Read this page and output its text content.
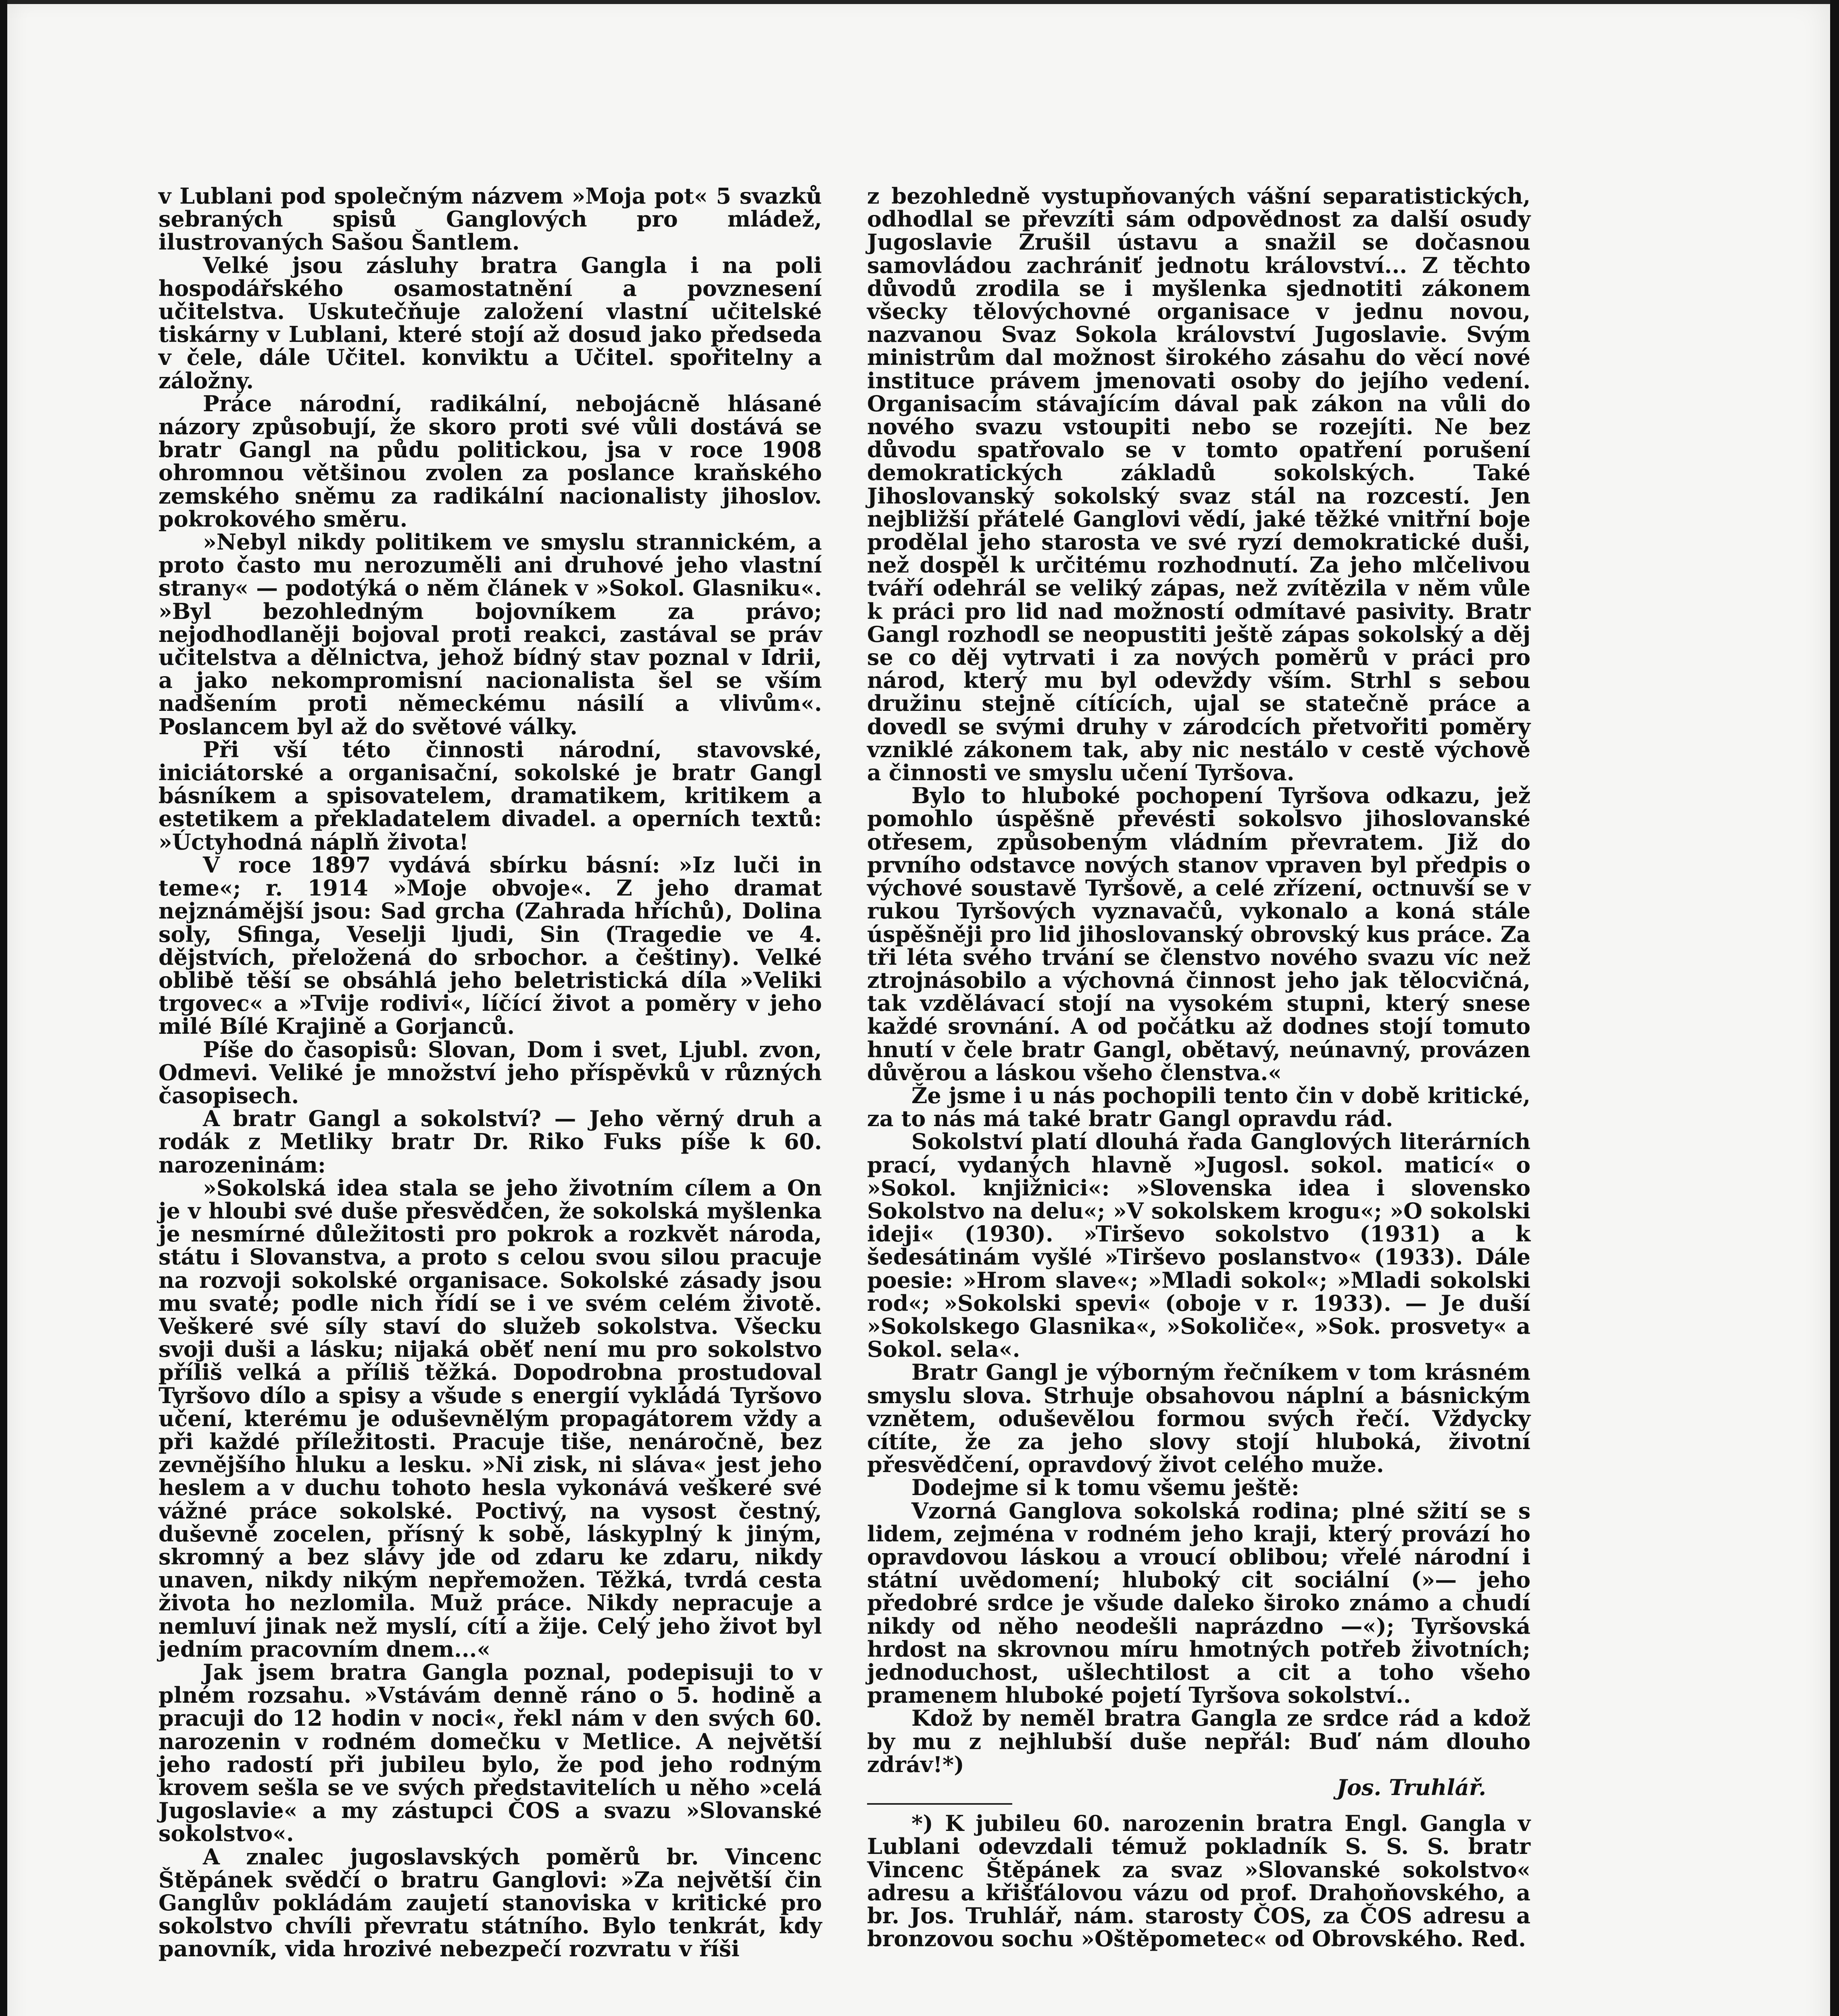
v Lublani pod společným názvem »Moja pot« 5 svazků sebraných spisů Ganglových pro mládež, ilustrovaných Sašou Šantlem.

Velké jsou zásluhy bratra Gangla i na poli hospodářského osamostatnění a povznesení učitelstva. Uskutečňuje založení vlastní učitelské tiskárny v Lublani, které stojí až dosud jako předseda v čele, dále Učitel. konviktu a Učitel. spořitelny a záložny.

Práce národní, radikální, nebojácně hlásané názory způsobují, že skoro proti své vůli dostává se bratr Gangl na půdu politickou, jsa v roce 1908 ohromnou většinou zvolen za poslance kraňského zemského sněmu za radikální nacionalisty jihoslov. pokrokového směru.

»Nebyl nikdy politikem ve smyslu strannickém, a proto často mu nerozuměli ani druhové jeho vlastní strany« — podotýká o něm článek v »Sokol. Glasniku«. »Byl bezohledným bojovníkem za právo; nejodhodlaněji bojoval proti reakci, zastával se práv učitelstva a dělnictva, jehož bídný stav poznal v Idrii, a jako nekompromisní nacionalista šel se vším nadšením proti německému násilí a vlivům«. Poslancem byl až do světové války.

Při vší této činnosti národní, stavovské, iniciátorské a organisační, sokolské je bratr Gangl básníkem a spisovatelem, dramatikem, kritikem a estetikem a překladatelem divadel. a operních textů: »Úctyhodná náplň života!

V roce 1897 vydává sbírku básní: »Iz luči in teme«; r. 1914 »Moje obvoje«. Z jeho dramat nejznámější jsou: Sad grcha (Zahrada hříchů), Dolina soly, Sfinga, Veselji ljudi, Sin (Tragedie ve 4. dějstvích, přeložená do srbochor. a češtiny). Velké oblibě těší se obsáhlá jeho beletristická díla »Veliki trgovec« a »Tvije rodivi«, líčící život a poměry v jeho milé Bílé Krajině a Gorjanců.

Píše do časopisů: Slovan, Dom i svet, Ljubl. zvon, Odmevi. Veliké je množství jeho příspěvků v různých časopisech.

A bratr Gangl a sokolství? — Jeho věrný druh a rodák z Metliky bratr Dr. Riko Fuks píše k 60. narozeninám:

»Sokolská idea stala se jeho životním cílem a On je v hloubi své duše přesvědčen, že sokolská myšlenka je nesmírné důležitosti pro pokrok a rozkvět národa, státu i Slovanstva, a proto s celou svou silou pracuje na rozvoji sokolské organisace. Sokolské zásady jsou mu svaté; podle nich řídí se i ve svém celém životě. Veškeré své síly staví do služeb sokolstva. Všecku svoji duši a lásku; nijaká oběť není mu pro sokolstvo příliš velká a příliš těžká. Dopodrobna prostudoval Tyršovo dílo a spisy a všude s energií vykládá Tyršovo učení, kterému je oduševnělým propagátorem vždy a při každé příležitosti. Pracuje tiše, nenáročně, bez zevnějšího hluku a lesku. »Ni zisk, ni sláva« jest jeho heslem a v duchu tohoto hesla vykonává veškeré své vážné práce sokolské. Poctivý, na vysost čestný, duševně zocelen, přísný k sobě, láskyplný k jiným, skromný a bez slávy jde od zdaru ke zdaru, nikdy unaven, nikdy nikým nepřemožen. Těžká, tvrdá cesta života ho nezlomila. Muž práce. Nikdy nepracuje a nemluví jinak než myslí, cítí a žije. Celý jeho život byl jedním pracovním dnem...«

Jak jsem bratra Gangla poznal, podepisuji to v plném rozsahu. »Vstávám denně ráno o 5. hodině a pracuji do 12 hodin v noci«, řekl nám v den svých 60. narozenin v rodném domečku v Metlice. A největší jeho radostí při jubileu bylo, že pod jeho rodným krovem sešla se ve svých představitelích u něho »celá Jugoslavie« a my zástupci ČOS a svazu »Slovanské sokolstvo«.

A znalec jugoslavských poměrů br. Vincenc Štěpánek svědčí o bratru Ganglovi: »Za největší čin Ganglův pokládám zaujetí stanoviska v kritické pro sokolstvo chvíli převratu státního. Bylo tenkrát, kdy panovník, vida hrozivé nebezpečí rozvratu v říši

z bezohledně vystupňovaných vášní separatistických, odhodlal se převzíti sám odpovědnost za další osudy Jugoslavie Zrušil ústavu a snažil se dočasnou samovládou zachrániť jednotu království... Z těchto důvodů zrodila se i myšlenka sjednotiti zákonem všecky tělovýchovné organisace v jednu novou, nazvanou Svaz Sokola království Jugoslavie. Svým ministrům dal možnost širokého zásahu do věcí nové instituce právem jmenovati osoby do jejího vedení. Organisacím stávajícím dával pak zákon na vůli do nového svazu vstoupiti nebo se rozejíti. Ne bez důvodu spatřovalo se v tomto opatření porušení demokratických základů sokolských. Také Jihoslovanský sokolský svaz stál na rozcestí. Jen nejbližší přátelé Ganglovi vědí, jaké těžké vnitřní boje prodělal jeho starosta ve své ryzí demokratické duši, než dospěl k určitému rozhodnutí. Za jeho mlčelivou tváří odehrál se veliký zápas, než zvítězila v něm vůle k práci pro lid nad možností odmítavé pasivity. Bratr Gangl rozhodl se neopustiti ještě zápas sokolský a děj se co děj vytrvati i za nových poměrů v práci pro národ, který mu byl odevždy vším. Strhl s sebou družinu stejně cítících, ujal se statečně práce a dovedl se svými druhy v zárodcích přetvořiti poměry vzniklé zákonem tak, aby nic nestálo v cestě výchově a činnosti ve smyslu učení Tyršova.

Bylo to hluboké pochopení Tyršova odkazu, jež pomohlo úspěšně převésti sokolsvo jihoslovanské otřesem, způsobeným vládním převratem. Již do prvního odstavce nových stanov vpraven byl předpis o výchové soustavě Tyršově, a celé zřízení, octnuvší se v rukou Tyršových vyznavačů, vykonalo a koná stále úspěšněji pro lid jihoslovanský obrovský kus práce. Za tři léta svého trvání se členstvo nového svazu víc než ztrojnásobilo a výchovná činnost jeho jak tělocvičná, tak vzdělávací stojí na vysokém stupni, který snese každé srovnání. A od počátku až dodnes stojí tomuto hnutí v čele bratr Gangl, obětavý, neúnavný, provázen důvěrou a láskou všeho členstva.«

Že jsme i u nás pochopili tento čin v době kritické, za to nás má také bratr Gangl opravdu rád.

Sokolství platí dlouhá řada Ganglových literárních prací, vydaných hlavně »Jugosl. sokol. maticí« o »Sokol. knjižnici«: »Slovenska idea i slovensko Sokolstvo na delu«; »V sokolskem krogu«; »O sokolski ideji« (1930). »Tirševo sokolstvo (1931) a k šedesátinám vyšlé »Tirševo poslanstvo« (1933). Dále poesie: »Hrom slave«; »Mladi sokol«; »Mladi sokolski rod«; »Sokolski spevi« (oboje v r. 1933). — Je duší »Sokolskego Glasnika«, »Sokoliče«, »Sok. prosvety« a Sokol. sela«.

Bratr Gangl je výborným řečníkem v tom krásném smyslu slova. Strhuje obsahovou náplní a básnickým vznětem, oduševělou formou svých řečí. Vždycky cítíte, že za jeho slovy stojí hluboká, životní přesvědčení, opravdový život celého muže.

Dodejme si k tomu všemu ještě:

Vzorná Ganglova sokolská rodina; plné sžití se s lidem, zejména v rodném jeho kraji, který provází ho opravdovou láskou a vroucí oblibou; vřelé národní i státní uvědomení; hluboký cit sociální (»— jeho předobré srdce je všude daleko široko známo a chudí nikdy od něho neodešli naprázdno —«); Tyršovská hrdost na skrovnou míru hmotných potřeb životních; jednoduchost, ušlechtilost a cit a toho všeho pramenem hluboké pojetí Tyršova sokolství..

Kdož by neměl bratra Gangla ze srdce rád a kdož by mu z nejhlubší duše nepřál: Buď nám dlouho zdráv!*)

Jos. Truhlář.

*) K jubileu 60. narozenin bratra Engl. Gangla v Lublani odevzdali témuž pokladník S. S. S. bratr Vincenc Štěpánek za svaz »Slovanské sokolstvo« adresu a křišťálovou vázu od prof. Drahoňovského, a br. Jos. Truhlář, nám. starosty ČOS, za ČOS adresu a bronzovou sochu »Oštěpometec« od Obrovského. Red.
